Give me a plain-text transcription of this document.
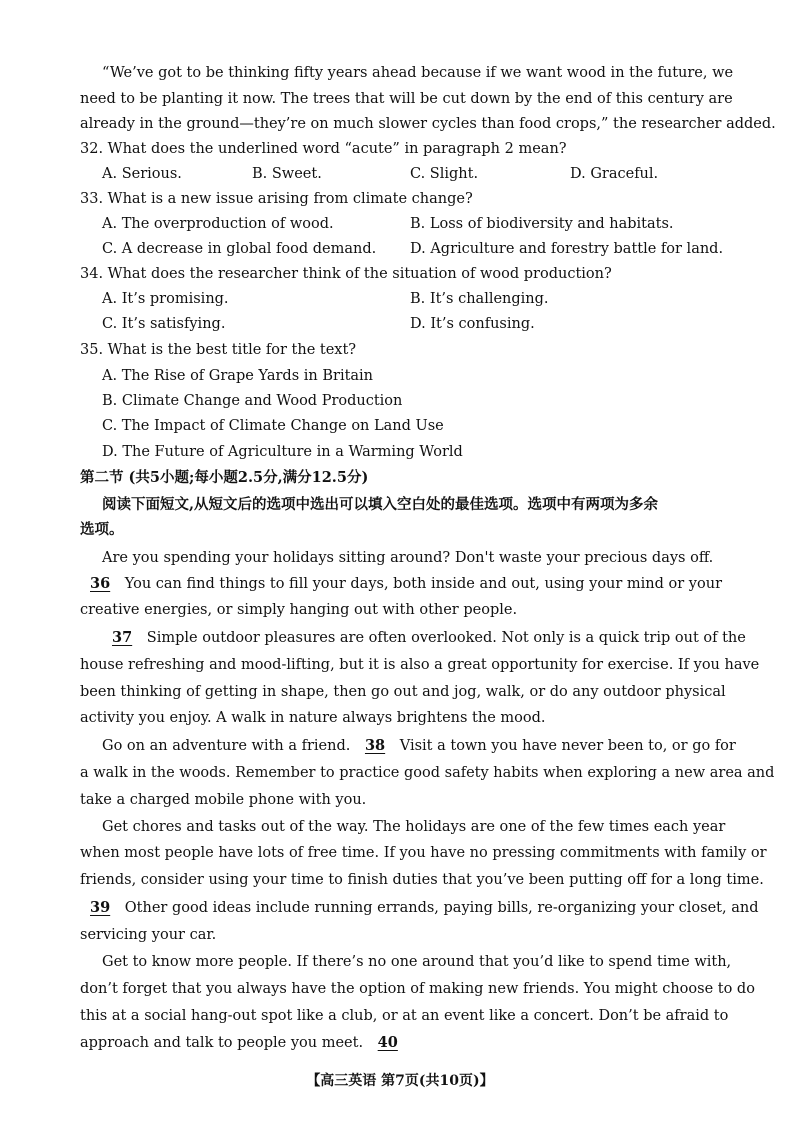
“We’ve got to be thinking fifty years ahead because if we want wood in the future, we
need to be planting it now. The trees that will be cut down by the end of this century are
already in the ground—they’re on much slower cycles than food crops,” the researcher added.
32. What does the underlined word “acute” in paragraph 2 mean?
A. Serious.	B. Sweet.	C. Slight.	D. Graceful.
33. What is a new issue arising from climate change?
A. The overproduction of wood.	B. Loss of biodiversity and habitats.
C. A decrease in global food demand.	D. Agriculture and forestry battle for land.
34. What does the researcher think of the situation of wood production?
A. It’s promising.	B. It’s challenging.
C. It’s satisfying.	D. It’s confusing.
35. What is the best title for the text?
A. The Rise of Grape Yards in Britain
B. Climate Change and Wood Production
C. The Impact of Climate Change on Land Use
D. The Future of Agriculture in a Warming World
第二节 (共5小题;每小题2.5分,满分12.5分)
阅读下面短文,从短文后的选项中选出可以填入空白处的最佳选项。选项中有两项为多余
选项。
Are you spending your holidays sitting around? Don't waste your precious days off.
36 You can find things to fill your days, both inside and out, using your mind or your
creative energies, or simply hanging out with other people.
37 Simple outdoor pleasures are often overlooked. Not only is a quick trip out of the
house refreshing and mood-lifting, but it is also a great opportunity for exercise. If you have
been thinking of getting in shape, then go out and jog, walk, or do any outdoor physical
activity you enjoy. A walk in nature always brightens the mood.
Go on an adventure with a friend. 38 Visit a town you have never been to, or go for
a walk in the woods. Remember to practice good safety habits when exploring a new area and
take a charged mobile phone with you.
Get chores and tasks out of the way. The holidays are one of the few times each year
when most people have lots of free time. If you have no pressing commitments with family or
friends, consider using your time to finish duties that you’ve been putting off for a long time.
39 Other good ideas include running errands, paying bills, re-organizing your closet, and
servicing your car.
Get to know more people. If there’s no one around that you’d like to spend time with,
don’t forget that you always have the option of making new friends. You might choose to do
this at a social hang-out spot like a club, or at an event like a concert. Don’t be afraid to
approach and talk to people you meet. 40
【高三英语 第7页(共10页)】
